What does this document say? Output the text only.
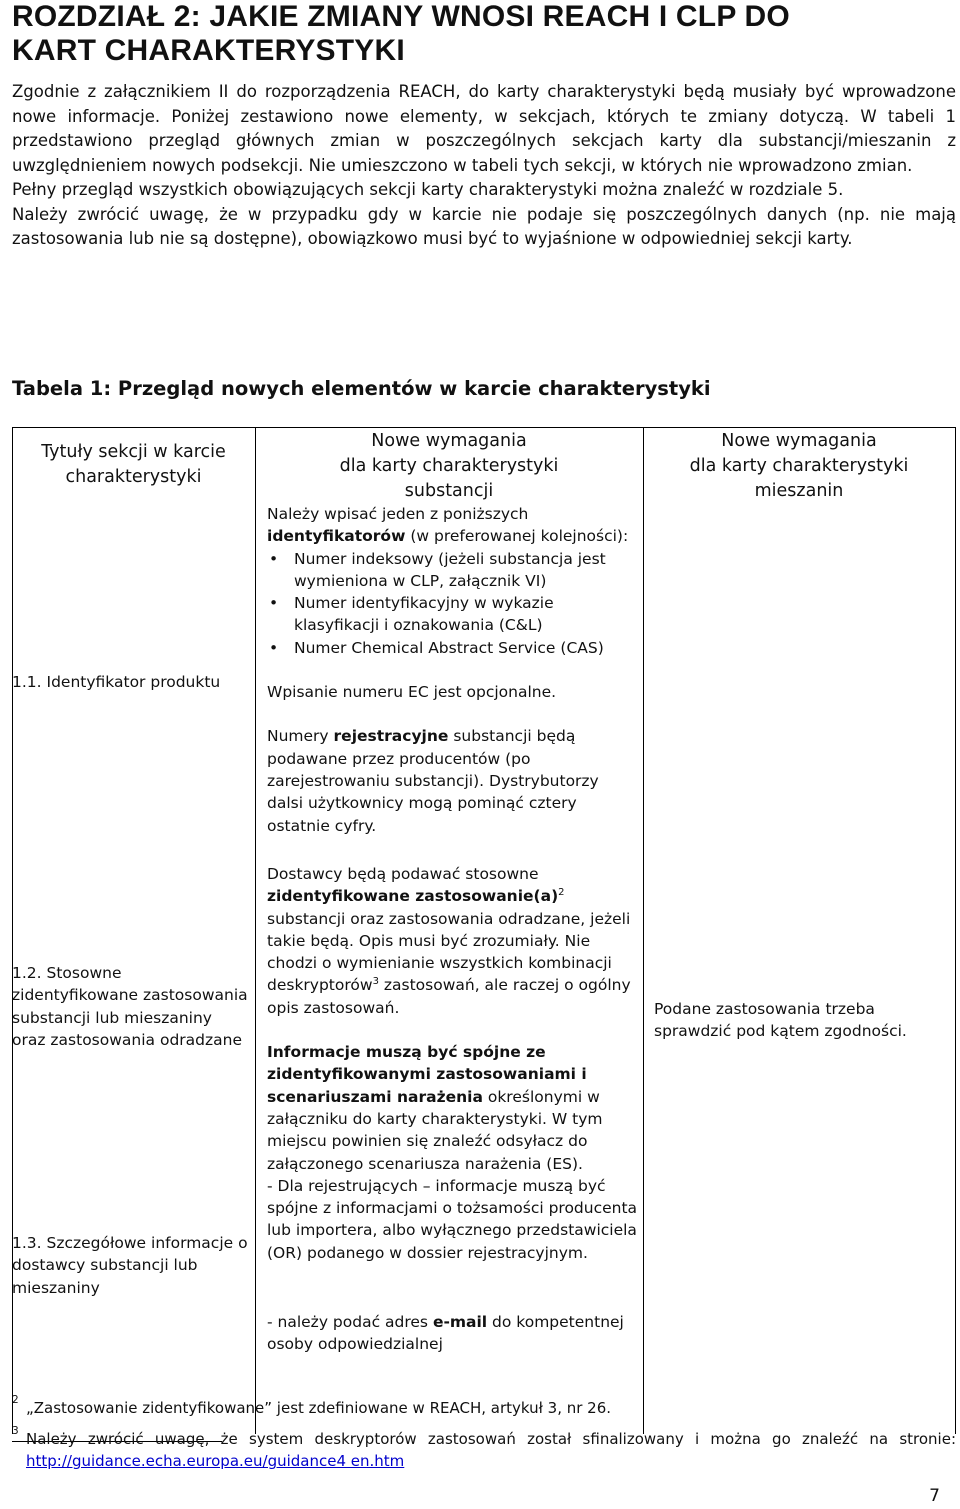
ROZDZIAŁ 2: JAKIE ZMIANY WNOSI REACH I CLP DO
KART CHARAKTERYSTYKI

Zgodnie z załącznikiem II do rozporządzenia REACH, do karty charakterystyki będą musiały być wprowadzone nowe informacje. Poniżej zestawiono nowe elementy, w sekcjach, których te zmiany dotyczą. W tabeli 1 przedstawiono przegląd głównych zmian w poszczególnych sekcjach karty dla substancji/mieszanin z uwzględnieniem nowych podsekcji. Nie umieszczono w tabeli tych sekcji, w których nie wprowadzono zmian.

Pełny przegląd wszystkich obowiązujących sekcji karty charakterystyki można znaleźć w rozdziale 5.

Należy zwrócić uwagę, że w przypadku gdy w karcie nie podaje się poszczególnych danych (np. nie mają zastosowania lub nie są dostępne), obowiązkowo musi być to wyjaśnione w odpowiedniej sekcji karty.

Tabela 1: Przegląd nowych elementów w karcie charakterystyki
Tytuły sekcji w karcie charakterystyki
Nowe wymagania
dla karty charakterystyki
substancji
Nowe wymagania
dla karty charakterystyki
mieszanin
1.1. Identyfikator produktu
1.2. Stosowne zidentyfikowane zastosowania substancji lub mieszaniny oraz zastosowania odradzane
1.3. Szczegółowe informacje o dostawcy substancji lub mieszaniny

Należy wpisać jeden z poniższych identyfikatorów (w preferowanej kolejności):

• Numer indeksowy (jeżeli substancja jest wymieniona w CLP, załącznik VI)
• Numer identyfikacyjny w wykazie klasyfikacji i oznakowania (C&L)
• Numer Chemical Abstract Service (CAS)

Wpisanie numeru EC jest opcjonalne.

Numery rejestracyjne substancji będą podawane przez producentów (po zarejestrowaniu substancji). Dystrybutorzy dalsi użytkownicy mogą pominąć cztery ostatnie cyfry.

Dostawcy będą podawać stosowne zidentyfikowane $zastosowanie(a)^2$ substancji oraz zastosowania odradzane, jeżeli takie będą. Opis musi być zrozumiały. Nie chodzi o wymienianie wszystkich kombinacji deskryptorów$^3$ zastosowań, ale raczej o ogólny opis zastosowań.

Informacje muszą być spójne ze zidentyfikowanymi zastosowaniami i scenariuszami narażenia określonymi w załączniku do karty charakterystyki. W tym miejscu powinien się znaleźć odsyłacz do załączonego scenariusza narażenia (ES).

- Dla rejestrujących – informacje muszą być spójne z informacjami o tożsamości producenta lub importera, albo wyłącznego przedstawiciela (OR) podanego w dossier rejestracyjnym.

- należy podać adres e-mail do kompetentnej osoby odpowiedzialnej

Podane zastosowania trzeba sprawdzić pod kątem zgodności.
2 „Zastosowanie zidentyfikowane” jest zdefiniowane w REACH, artykuł 3, nr 26.
3 Należy zwrócić uwagę, że system deskryptorów zastosowań został sfinalizowany i można go znaleźć na stronie:
http://guidance.echa.europa.eu/guidance4 en.htm
7
